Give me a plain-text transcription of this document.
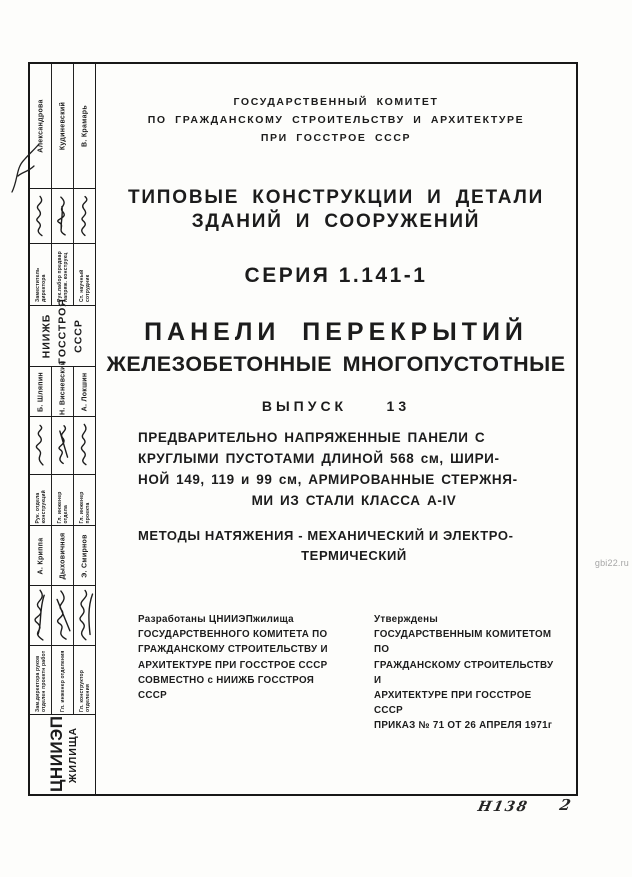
Александрова Кудиневский В. Крамарь
Заместитель директора Рук.лабор предвар напряж. конструкц Ст. научный сотрудник
НИИЖБ ГОССТРОЯ СССР
Б. Шляпин Н. Висневский А. Локшин
Рук. отдела конструкций Гл. инженер отдела Гл. инженер проекта
А. Криппа Дыховичная Э. Смирнов
Зам.директора руков отделен проектн работ	Гл. инженер отделения	Гл. конструктор отделения
ЦНИИЭП ЖИЛИЩА
ГОСУДАРСТВЕННЫЙ КОМИТЕТ
ПО ГРАЖДАНСКОМУ СТРОИТЕЛЬСТВУ И АРХИТЕКТУРЕ
ПРИ ГОССТРОЕ СССР
ТИПОВЫЕ КОНСТРУКЦИИ И ДЕТАЛИ
ЗДАНИЙ И СООРУЖЕНИЙ
СЕРИЯ 1.141-1
ПАНЕЛИ ПЕРЕКРЫТИЙ
ЖЕЛЕЗОБЕТОННЫЕ МНОГОПУСТОТНЫЕ
ВЫПУСК     13
ПРЕДВАРИТЕЛЬНО НАПРЯЖЕННЫЕ ПАНЕЛИ С
КРУГЛЫМИ ПУСТОТАМИ ДЛИНОЙ 568 см, ШИРИ-
НОЙ 149, 119 и 99 см, АРМИРОВАННЫЕ СТЕРЖНЯ-
МИ ИЗ СТАЛИ КЛАССА А-IV
МЕТОДЫ НАТЯЖЕНИЯ - МЕХАНИЧЕСКИЙ И ЭЛЕКТРО-
ТЕРМИЧЕСКИЙ
Разработаны ЦНИИЭПжилища
ГОСУДАРСТВЕННОГО КОМИТЕТА ПО
ГРАЖДАНСКОМУ СТРОИТЕЛЬСТВУ И
АРХИТЕКТУРЕ ПРИ ГОССТРОЕ СССР
СОВМЕСТНО с НИИЖБ ГОССТРОЯ
СССР
Утверждены
ГОСУДАРСТВЕННЫМ КОМИТЕТОМ ПО
ГРАЖДАНСКОМУ СТРОИТЕЛЬСТВУ И
АРХИТЕКТУРЕ ПРИ ГОССТРОЕ СССР
ПРИКАЗ № 71 ОТ 26 АПРЕЛЯ 1971г
gbi22.ru
Н138 2
